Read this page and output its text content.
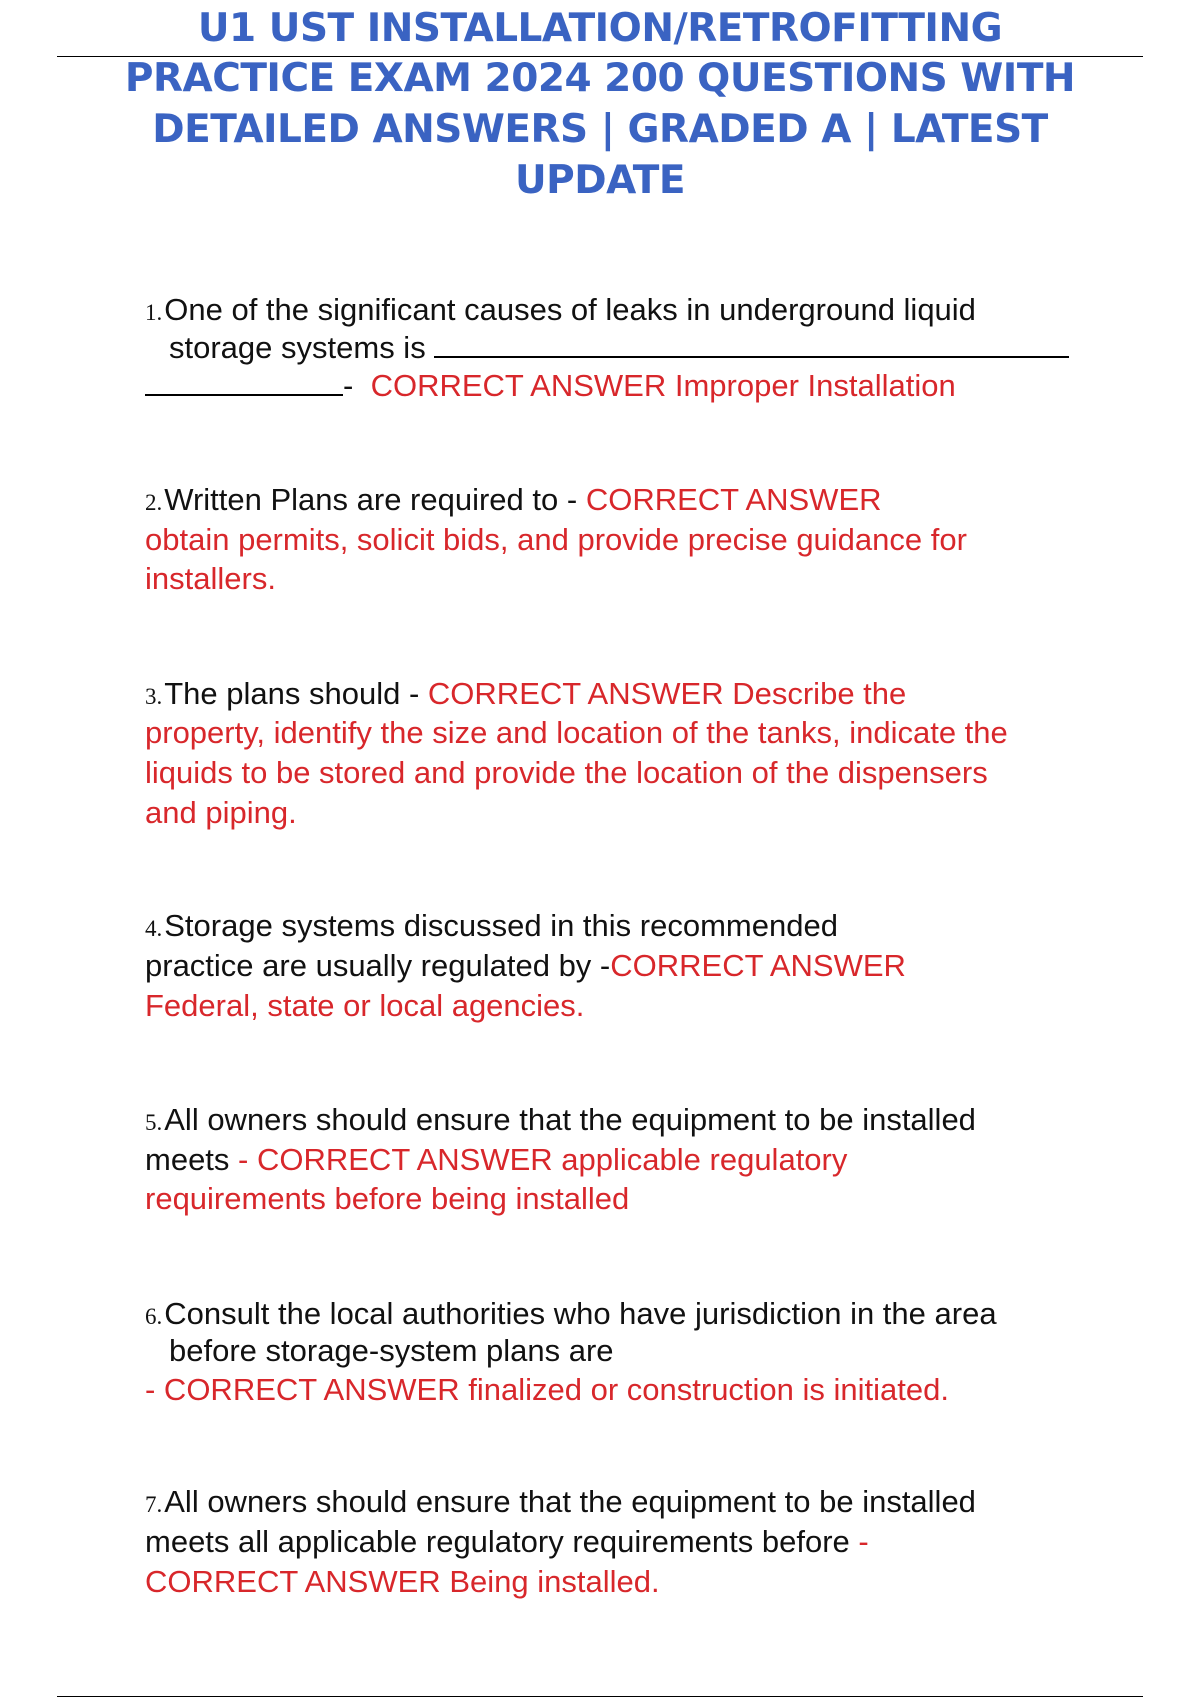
U1 UST INSTALLATION/RETROFITTING
PRACTICE EXAM 2024 200 QUESTIONS WITH
DETAILED ANSWERS | GRADED A | LATEST
UPDATE
1.One of the significant causes of leaks in underground liquid
storage systems is
- CORRECT ANSWER Improper Installation
2.Written Plans are required to - CORRECT ANSWER
obtain permits, solicit bids, and provide precise guidance for
installers.
3.The plans should - CORRECT ANSWER Describe the
property, identify the size and location of the tanks, indicate the
liquids to be stored and provide the location of the dispensers
and piping.
4.Storage systems discussed in this recommended
practice are usually regulated by -CORRECT ANSWER
Federal, state or local agencies.
5.All owners should ensure that the equipment to be installed
meets - CORRECT ANSWER applicable regulatory
requirements before being installed
6.Consult the local authorities who have jurisdiction in the area
before storage-system plans are
- CORRECT ANSWER finalized or construction is initiated.
7.All owners should ensure that the equipment to be installed
meets all applicable regulatory requirements before -
CORRECT ANSWER Being installed.
